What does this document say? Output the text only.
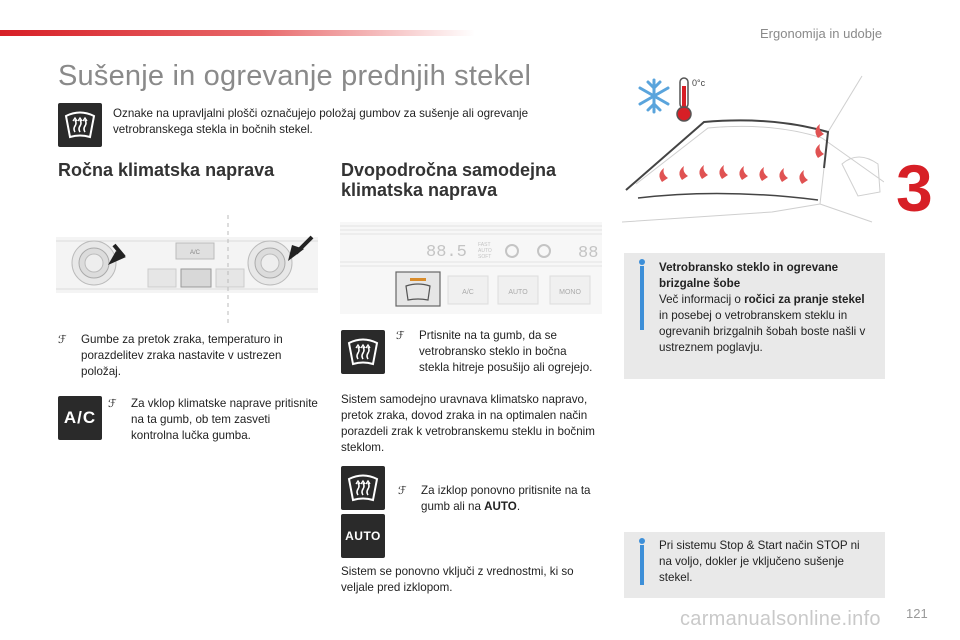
Ergonomija in udobje
3
Sušenje in ogrevanje prednjih stekel
Oznake na upravljalni plošči označujejo položaj gumbov za sušenje ali ogrevanje vetrobranskega stekla in bočnih stekel.
Ročna klimatska naprava
A/C
ℱ Gumbe za pretok zraka, temperaturo in porazdelitev zraka nastavite v ustrezen položaj.
A/C
ℱ Za vklop klimatske naprave pritisnite na ta gumb, ob tem zasveti kontrolna lučka gumba.
Dvopodročna samodejna
klimatska naprava
88.5 FAST
AUTO
SOFT	88
A/C	AUTO	MONO
ℱ Prtisnite na ta gumb, da se vetrobransko steklo in bočna stekla hitreje posušijo ali ogrejejo.
Sistem samodejno uravnava klimatsko napravo, pretok zraka, dovod zraka in na optimalen način porazdeli zrak k vetrobranskemu steklu in bočnim steklom.
ℱ Za izklop ponovno pritisnite na ta gumb ali na AUTO.
AUTO
Sistem se ponovno vključi z vrednostmi, ki so veljale pred izklopom.
0°c
Vetrobransko steklo in ogrevane brizgalne šobe
Več informacij o ročici za pranje stekel in posebej o vetrobranskem steklu in ogrevanih brizgalnih šobah boste našli v ustreznem poglavju.
Pri sistemu Stop & Start način STOP ni na voljo, dokler je vključeno sušenje stekel.
carmanualsonline.info 121
